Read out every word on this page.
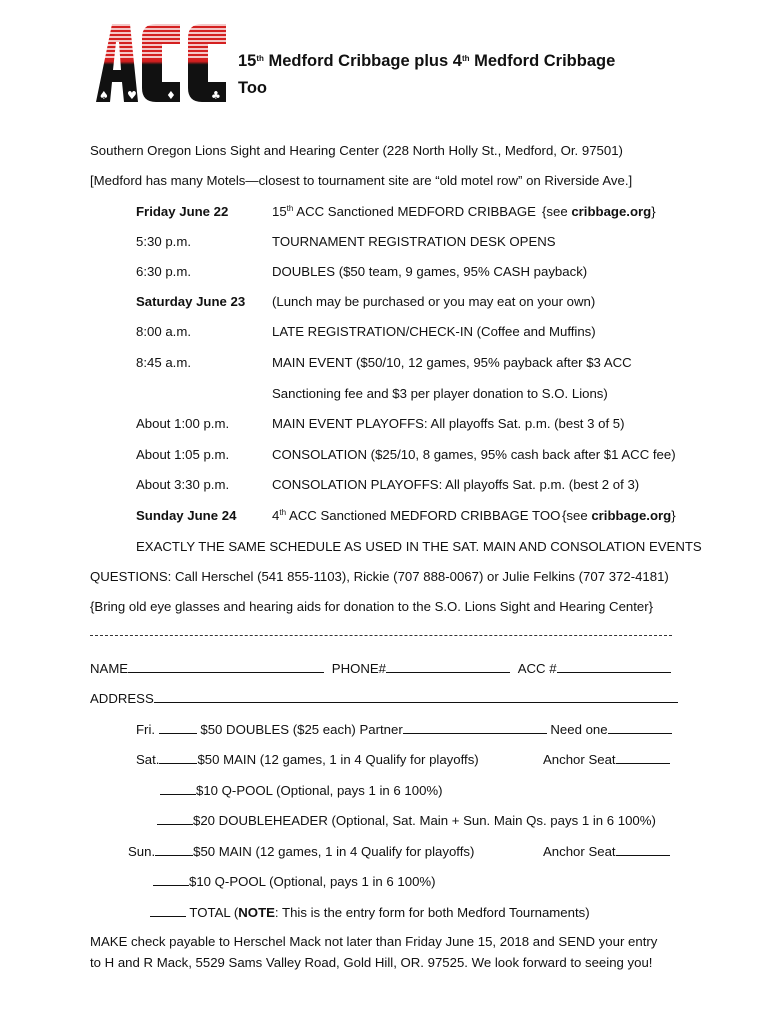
♠ ♥	♦	♣
15th Medford Cribbage plus 4th Medford Cribbage
Too
Southern Oregon Lions Sight and Hearing Center (228 North Holly St., Medford, Or. 97501)
[Medford has many Motels—closest to tournament site are “old motel row” on Riverside Ave.]
Friday June 22	15th ACC Sanctioned MEDFORD CRIBBAGE {see cribbage.org}
5:30 p.m.	TOURNAMENT REGISTRATION DESK OPENS
6:30 p.m.	DOUBLES ($50 team, 9 games, 95% CASH payback)
Saturday June 23 (Lunch may be purchased or you may eat on your own)
8:00 a.m.	LATE REGISTRATION/CHECK-IN (Coffee and Muffins)
8:45 a.m.	MAIN EVENT ($50/10, 12 games, 95% payback after $3 ACC
Sanctioning fee and $3 per player donation to S.O. Lions)
About 1:00 p.m.	MAIN EVENT PLAYOFFS: All playoffs Sat. p.m. (best 3 of 5)
About 1:05 p.m.	CONSOLATION ($25/10, 8 games, 95% cash back after $1 ACC fee)
About 3:30 p.m.	CONSOLATION PLAYOFFS: All playoffs Sat. p.m. (best 2 of 3)
Sunday June 24	4th ACC Sanctioned MEDFORD CRIBBAGE TOO {see cribbage.org}
EXACTLY THE SAME SCHEDULE AS USED IN THE SAT. MAIN AND CONSOLATION EVENTS
QUESTIONS: Call Herschel (541 855-1103), Rickie (707 888-0067) or Julie Felkins (707 372-4181)
{Bring old eye glasses and hearing aids for donation to the S.O. Lions Sight and Hearing Center}
NAME	PHONE#	ACC #
ADDRESS
Fri.	$50 DOUBLES ($25 each) Partner	Need one
Sat.	$50 MAIN (12 games, 1 in 4 Qualify for playoffs)	Anchor Seat
$10 Q-POOL (Optional, pays 1 in 6 100%)
$20 DOUBLEHEADER (Optional, Sat. Main + Sun. Main Qs. pays 1 in 6 100%)
Sun.	$50 MAIN (12 games, 1 in 4 Qualify for playoffs)	Anchor Seat
$10 Q-POOL (Optional, pays 1 in 6 100%)
TOTAL (NOTE: This is the entry form for both Medford Tournaments)
MAKE check payable to Herschel Mack not later than Friday June 15, 2018 and SEND your entry
to H and R Mack, 5529 Sams Valley Road, Gold Hill, OR. 97525. We look forward to seeing you!
